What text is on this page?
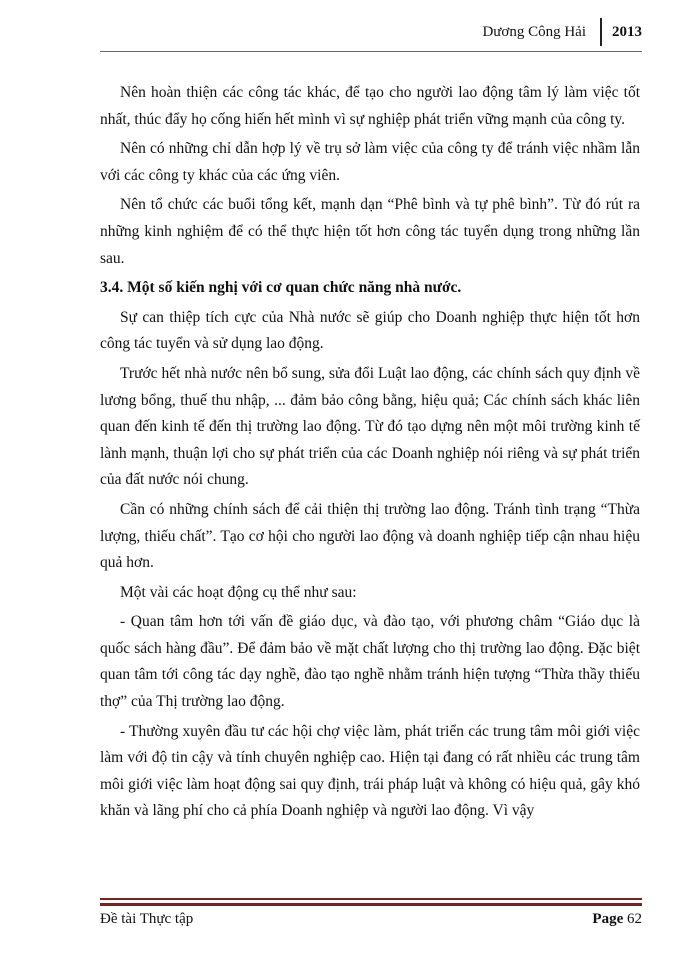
Dương Công Hải	2013

Nên hoàn thiện các công tác khác, để tạo cho người lao động tâm lý làm việc tốt nhất, thúc đẩy họ cống hiến hết mình vì sự nghiệp phát triển vững mạnh của công ty.

Nên có những chỉ dẫn hợp lý về trụ sở làm việc của công ty để tránh việc nhầm lẫn với các công ty khác của các ứng viên.

Nên tổ chức các buổi tổng kết, mạnh dạn “Phê bình và tự phê bình”. Từ đó rút ra những kinh nghiệm để có thể thực hiện tốt hơn công tác tuyển dụng trong những lần sau.

3.4. Một số kiến nghị với cơ quan chức năng nhà nước.

Sự can thiệp tích cực của Nhà nước sẽ giúp cho Doanh nghiệp thực hiện tốt hơn công tác tuyển và sử dụng lao động.

Trước hết nhà nước nên bổ sung, sửa đổi Luật lao động, các chính sách quy định về lương bổng, thuế thu nhập, ... đảm bảo công bằng, hiệu quả; Các chính sách khác liên quan đến kinh tế đến thị trường lao động. Từ đó tạo dựng nên một môi trường kinh tế lành mạnh, thuận lợi cho sự phát triển của các Doanh nghiệp nói riêng và sự phát triển của đất nước nói chung.

Cần có những chính sách để cải thiện thị trường lao động. Tránh tình trạng “Thừa lượng, thiếu chất”. Tạo cơ hội cho người lao động và doanh nghiệp tiếp cận nhau hiệu quả hơn.

Một vài các hoạt động cụ thể như sau:

- Quan tâm hơn tới vấn đề giáo dục, và đào tạo, với phương châm “Giáo dục là quốc sách hàng đầu”. Để đảm bảo về mặt chất lượng cho thị trường lao động. Đặc biệt quan tâm tới công tác dạy nghề, đào tạo nghề nhằm tránh hiện tượng “Thừa thầy thiếu thợ” của Thị trường lao động.

- Thường xuyên đầu tư các hội chợ việc làm, phát triển các trung tâm môi giới việc làm với độ tin cậy và tính chuyên nghiệp cao. Hiện tại đang có rất nhiều các trung tâm môi giới việc làm hoạt động sai quy định, trái pháp luật và không có hiệu quả, gây khó khăn và lãng phí cho cả phía Doanh nghiệp và người lao động. Vì vậy

Đề tài Thực tập	Page 62
